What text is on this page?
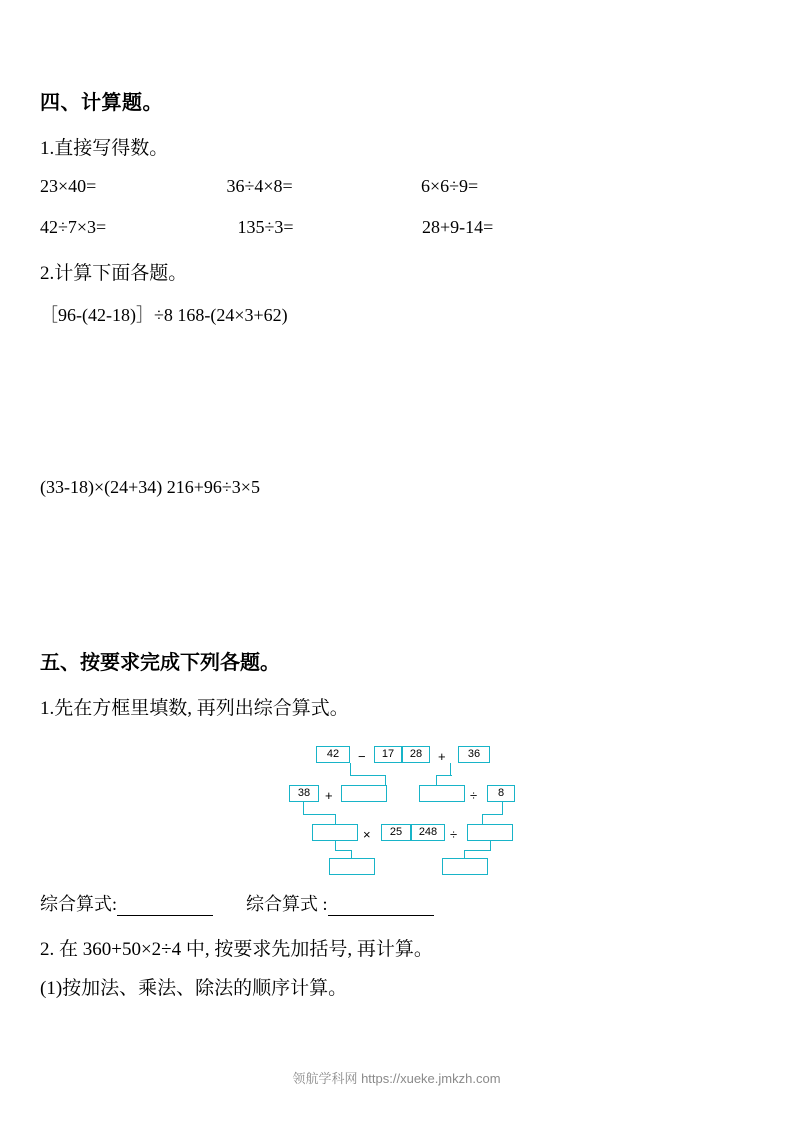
四、计算题。
1.直接写得数。
23×40=	36÷4×8=	6×6÷9=
42÷7×3=	135÷3=	28+9-14=
2.计算下面各题。
［96-(42-18)］÷8 168-(24×3+62)
(33-18)×(24+34) 216+96÷3×5
五、按要求完成下列各题。
1.先在方框里填数, 再列出综合算式。
42	−	17	28	+	36
38	+	÷	8
×	25	248 ÷
综合算式:	综合算式 :
2. 在 360+50×2÷4 中, 按要求先加括号, 再计算。
(1)按加法、乘法、除法的顺序计算。
领航学科网 https://xueke.jmkzh.com
